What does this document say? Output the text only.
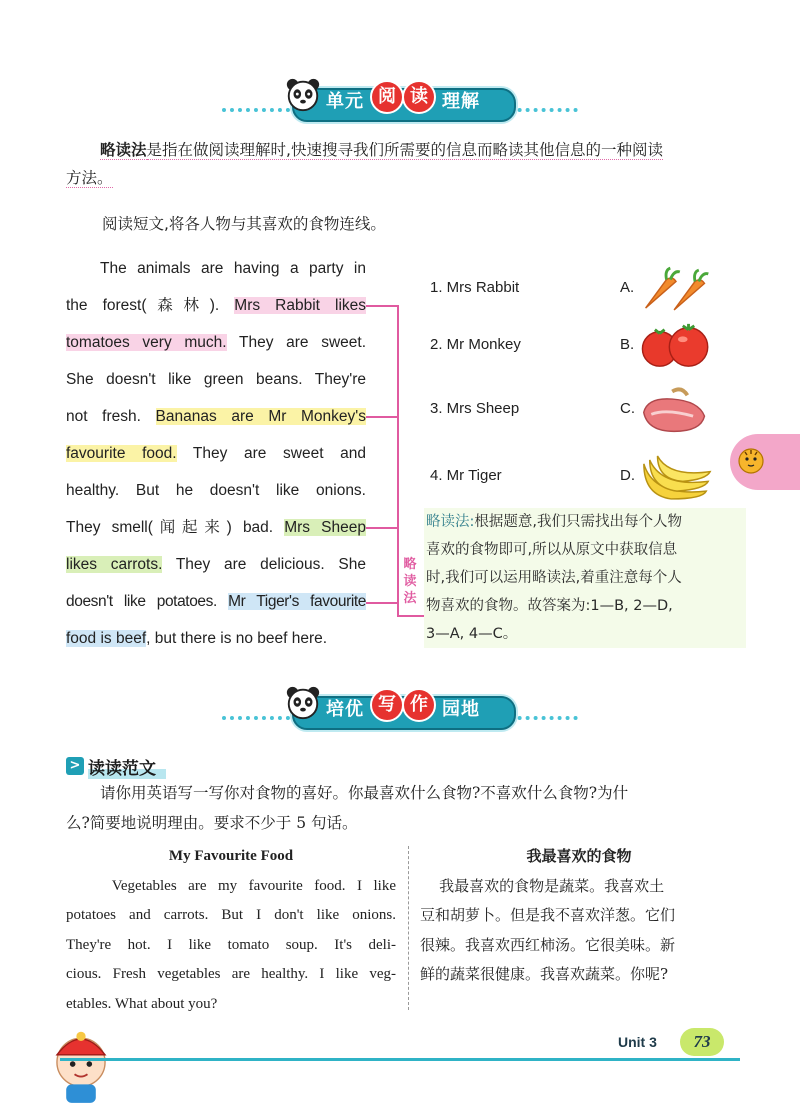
单元 阅 读 理解
略读法是指在做阅读理解时,快速搜寻我们所需要的信息而略读其他信息的一种阅读
方法。
阅读短文,将各人物与其喜欢的食物连线。
The animals are having a party in
the forest(森林). Mrs Rabbit likes
tomatoes very much. They are sweet.
She doesn't like green beans. They're
not fresh. Bananas are Mr Monkey's
favourite food. They are sweet and
healthy. But he doesn't like onions.
They smell(闻起来) bad. Mrs Sheep
likes carrots. They are delicious. She
doesn't like potatoes. Mr Tiger's favourite
food is beef, but there is no beef here.
略读法
1. Mrs Rabbit	A.
2. Mr Monkey	B.
3. Mrs Sheep	C.
4. Mr Tiger	D.
略读法:根据题意,我们只需找出每个人物
喜欢的食物即可,所以从原文中获取信息
时,我们可以运用略读法,着重注意每个人
物喜欢的食物。故答案为:1—B, 2—D,
3—A, 4—C。
培优 写 作 园地
> 读读范文
请你用英语写一写你对食物的喜好。你最喜欢什么食物?不喜欢什么食物?为什
么?简要地说明理由。要求不少于 5 句话。
My Favourite Food
Vegetables are my favourite food. I like
potatoes and carrots. But I don't like onions.
They're hot. I like tomato soup. It's deli-
cious. Fresh vegetables are healthy. I like veg-
etables. What about you?
我最喜欢的食物
我最喜欢的食物是蔬菜。我喜欢土
豆和胡萝卜。但是我不喜欢洋葱。它们
很辣。我喜欢西红柿汤。它很美味。新
鲜的蔬菜很健康。我喜欢蔬菜。你呢?
Unit 3	73
